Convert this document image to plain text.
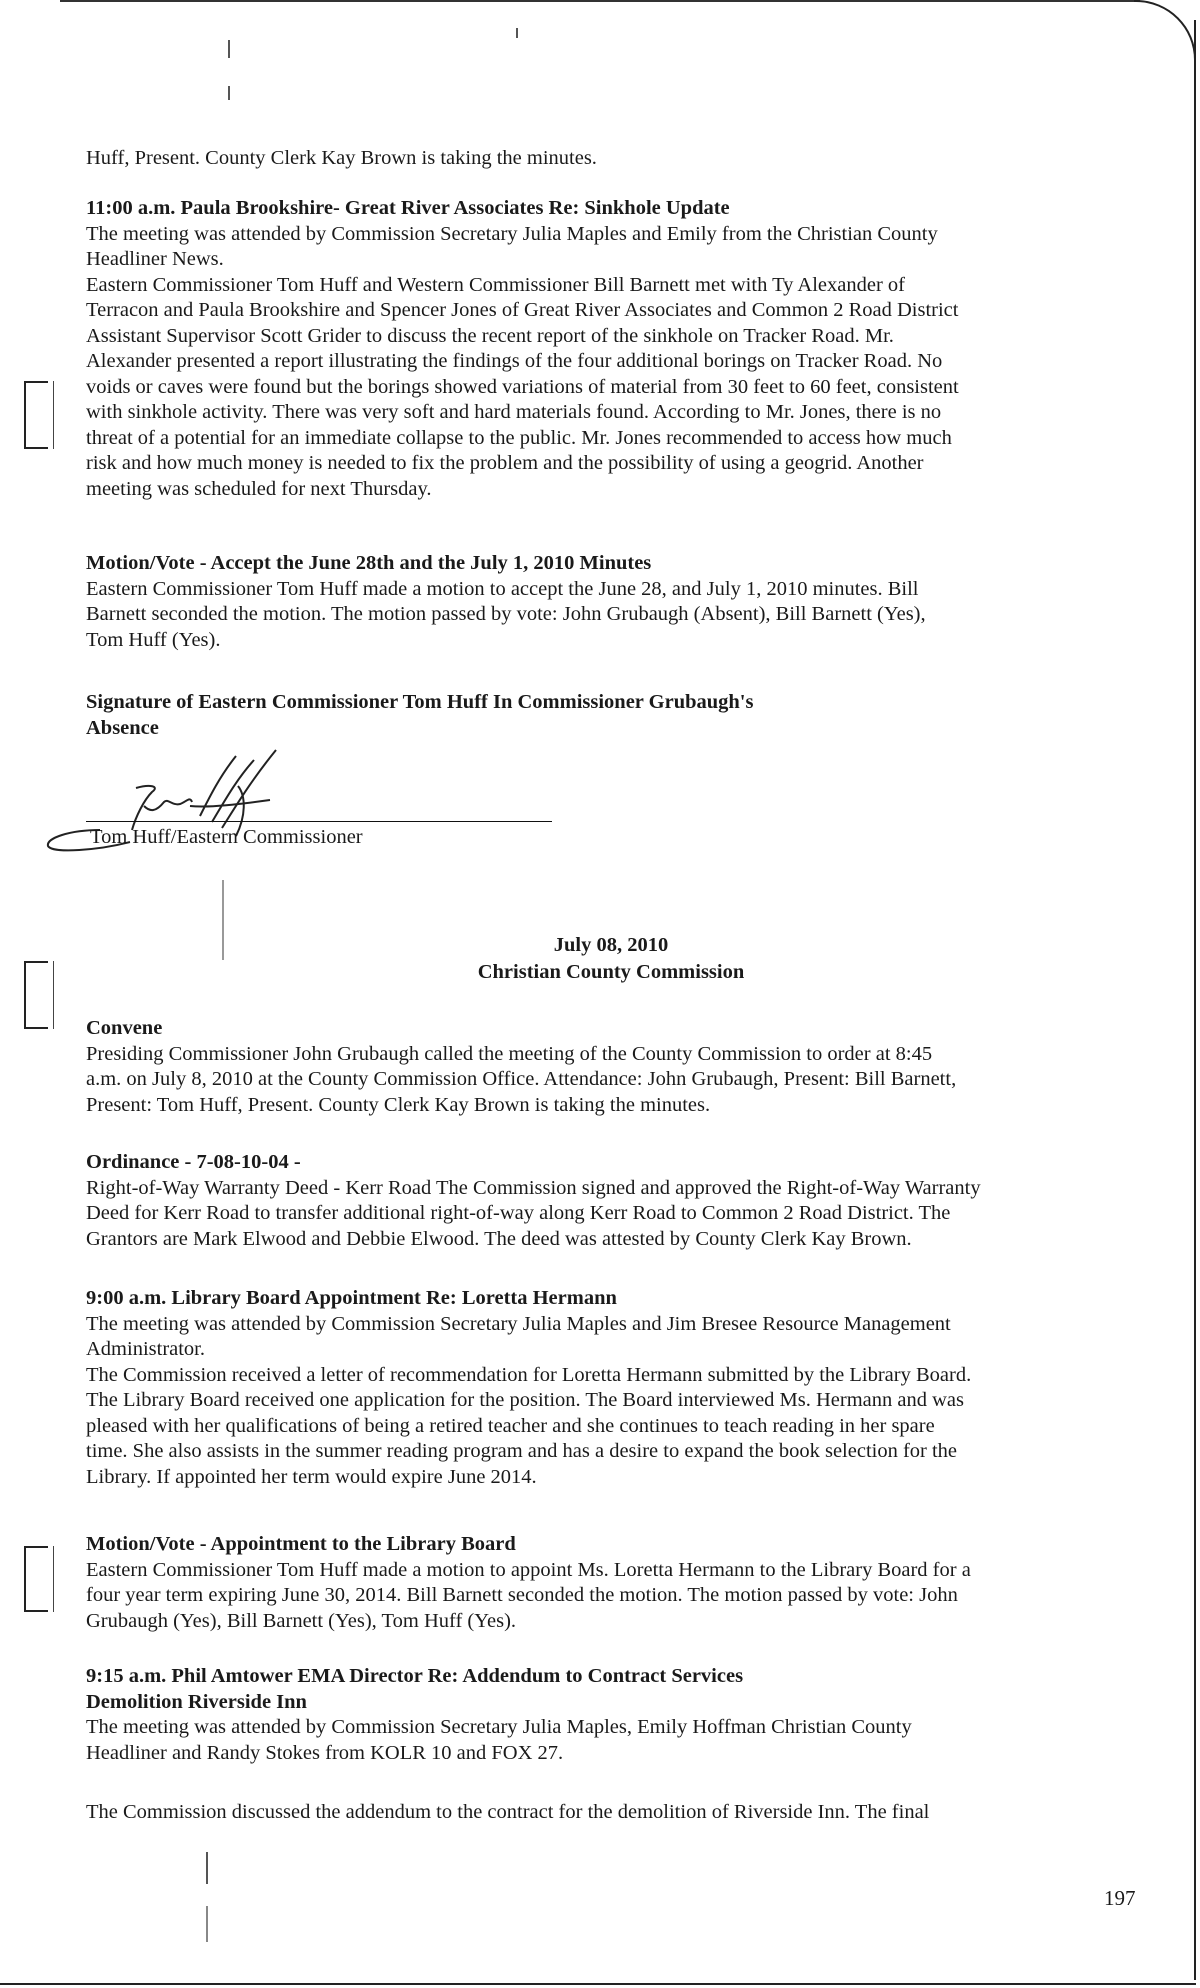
Huff, Present. County Clerk Kay Brown is taking the minutes.
11:00 a.m. Paula Brookshire- Great River Associates Re: Sinkhole Update
The meeting was attended by Commission Secretary Julia Maples and Emily from the Christian County
Headliner News.
Eastern Commissioner Tom Huff and Western Commissioner Bill Barnett met with Ty Alexander of
Terracon and Paula Brookshire and Spencer Jones of Great River Associates and Common 2 Road District
Assistant Supervisor Scott Grider to discuss the recent report of the sinkhole on Tracker Road. Mr.
Alexander presented a report illustrating the findings of the four additional borings on Tracker Road. No
voids or caves were found but the borings showed variations of material from 30 feet to 60 feet, consistent
with sinkhole activity. There was very soft and hard materials found. According to Mr. Jones, there is no
threat of a potential for an immediate collapse to the public. Mr. Jones recommended to access how much
risk and how much money is needed to fix the problem and the possibility of using a geogrid. Another
meeting was scheduled for next Thursday.
Motion/Vote - Accept the June 28th and the July 1, 2010 Minutes
Eastern Commissioner Tom Huff made a motion to accept the June 28, and July 1, 2010 minutes. Bill
Barnett seconded the motion. The motion passed by vote: John Grubaugh (Absent), Bill Barnett (Yes),
Tom Huff (Yes).
Signature of Eastern Commissioner Tom Huff In Commissioner Grubaugh's
Absence
Tom Huff/Eastern Commissioner
July 08, 2010
Christian County Commission
Convene
Presiding Commissioner John Grubaugh called the meeting of the County Commission to order at 8:45
a.m. on July 8, 2010 at the County Commission Office. Attendance: John Grubaugh, Present: Bill Barnett,
Present: Tom Huff, Present. County Clerk Kay Brown is taking the minutes.
Ordinance - 7-08-10-04 -
Right-of-Way Warranty Deed - Kerr Road The Commission signed and approved the Right-of-Way Warranty
Deed for Kerr Road to transfer additional right-of-way along Kerr Road to Common 2 Road District. The
Grantors are Mark Elwood and Debbie Elwood. The deed was attested by County Clerk Kay Brown.
9:00 a.m. Library Board Appointment Re: Loretta Hermann
The meeting was attended by Commission Secretary Julia Maples and Jim Bresee Resource Management
Administrator.
The Commission received a letter of recommendation for Loretta Hermann submitted by the Library Board.
The Library Board received one application for the position. The Board interviewed Ms. Hermann and was
pleased with her qualifications of being a retired teacher and she continues to teach reading in her spare
time. She also assists in the summer reading program and has a desire to expand the book selection for the
Library. If appointed her term would expire June 2014.
Motion/Vote - Appointment to the Library Board
Eastern Commissioner Tom Huff made a motion to appoint Ms. Loretta Hermann to the Library Board for a
four year term expiring June 30, 2014. Bill Barnett seconded the motion. The motion passed by vote: John
Grubaugh (Yes), Bill Barnett (Yes), Tom Huff (Yes).
9:15 a.m. Phil Amtower EMA Director Re: Addendum to Contract Services
Demolition Riverside Inn
The meeting was attended by Commission Secretary Julia Maples, Emily Hoffman Christian County
Headliner and Randy Stokes from KOLR 10 and FOX 27.
The Commission discussed the addendum to the contract for the demolition of Riverside Inn. The final
197
